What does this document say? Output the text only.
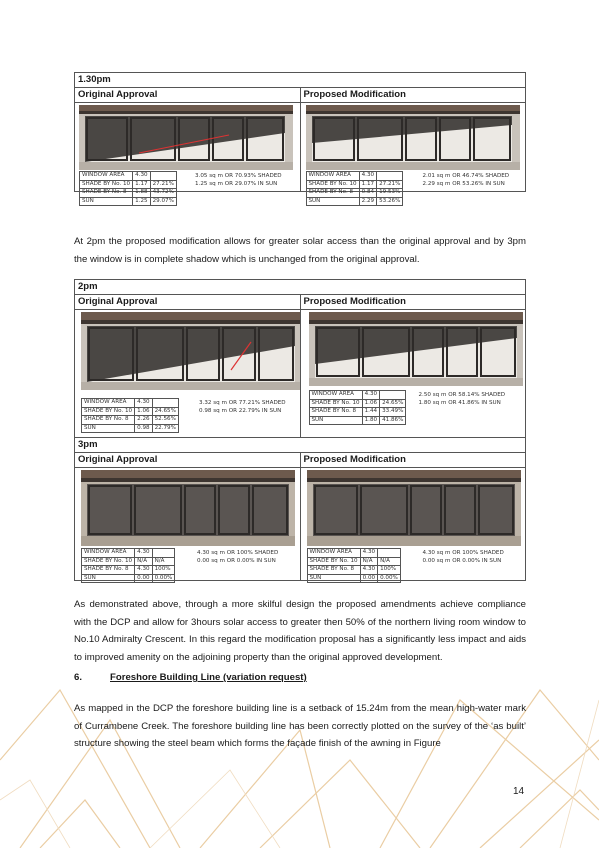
1.30pm
Original Approval	Proposed Modification
WINDOW AREA	4.30	
SHADE BY No. 10	1.17	27.21%
SHADE BY No. 8	1.88	43.72%
SUN	1.25	29.07%
3.05 sq m OR 70.93% SHADED
1.25 sq m OR 29.07% IN SUN
WINDOW AREA	4.30	
SHADE BY No. 10	1.17	27.21%
SHADE BY No. 8	0.84	19.53%
SUN	2.29	53.26%
2.01 sq m OR 46.74% SHADED
2.29 sq m OR 53.26% IN SUN
At 2pm the proposed modification allows for greater solar access than the original approval and by 3pm the window is in complete shadow which is unchanged from the original approval.
2pm
Original Approval	Proposed Modification
WINDOW AREA	4.30	
SHADE BY No. 10	1.06	24.65%
SHADE BY No. 8	2.26	52.56%
SUN	0.98	22.79%
3.32 sq m OR 77.21% SHADED
0.98 sq m OR 22.79% IN SUN
WINDOW AREA	4.30	
SHADE BY No. 10	1.06	24.65%
SHADE BY No. 8	1.44	33.49%
SUN	1.80	41.86%
2.50 sq m OR 58.14% SHADED
1.80 sq m OR 41.86% IN SUN
3pm
Original Approval	Proposed Modification
WINDOW AREA	4.30	
SHADE BY No. 10	N/A	N/A
SHADE BY No. 8	4.30	100%
SUN	0.00	0.00%
4.30 sq m OR 100% SHADED
0.00 sq m OR 0.00% IN SUN
WINDOW AREA	4.30	
SHADE BY No. 10	N/A	N/A
SHADE BY No. 8	4.30	100%
SUN	0.00	0.00%
4.30 sq m OR 100% SHADED
0.00 sq m OR 0.00% IN SUN
As demonstrated above, through a more skilful design the proposed amendments achieve compliance with the DCP and allow for 3hours solar access to greater then 50% of the northern living room window to No.10 Admiralty Crescent. In this regard the modification proposal has a significantly less impact and aids to improved amenity on the adjoining property than the original approved development.
6.	Foreshore Building Line (variation request)
As mapped in the DCP the foreshore building line is a setback of 15.24m from the mean high-water mark of Currambene Creek. The foreshore building line has been correctly plotted on the survey of the ‘as built’ structure showing the steel beam which forms the façade finish of the awning in Figure
14
